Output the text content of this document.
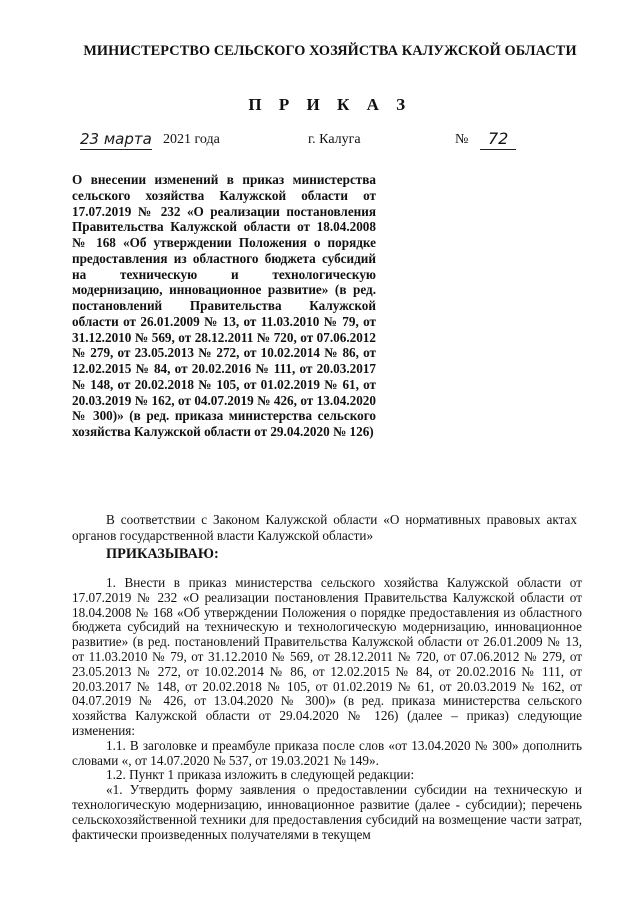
МИНИСТЕРСТВО СЕЛЬСКОГО ХОЗЯЙСТВА КАЛУЖСКОЙ ОБЛАСТИ
П Р И К А З
23 марта 2021 года	г. Калуга	№	72
О внесении изменений в приказ министерства сельского хозяйства Калужской области от 17.07.2019 № 232 «О реализации постановления Правительства Калужской области от 18.04.2008 № 168 «Об утверждении Положения о порядке предоставления из областного бюджета субсидий на техническую и технологическую модернизацию, инновационное развитие» (в ред. постановлений Правительства Калужской области от 26.01.2009 № 13, от 11.03.2010 № 79, от 31.12.2010 № 569, от 28.12.2011 № 720, от 07.06.2012 № 279, от 23.05.2013 № 272, от 10.02.2014 № 86, от 12.02.2015 № 84, от 20.02.2016 № 111, от 20.03.2017 № 148, от 20.02.2018 № 105, от 01.02.2019 № 61, от 20.03.2019 № 162, от 04.07.2019 № 426, от 13.04.2020 № 300)» (в ред. приказа министерства сельского хозяйства Калужской области от 29.04.2020 № 126)
В соответствии с Законом Калужской области «О нормативных правовых актах органов государственной власти Калужской области»
ПРИКАЗЫВАЮ:

1. Внести в приказ министерства сельского хозяйства Калужской области от 17.07.2019 № 232 «О реализации постановления Правительства Калужской области от 18.04.2008 № 168 «Об утверждении Положения о порядке предоставления из областного бюджета субсидий на техническую и технологическую модернизацию, инновационное развитие» (в ред. постановлений Правительства Калужской области от 26.01.2009 № 13, от 11.03.2010 № 79, от 31.12.2010 № 569, от 28.12.2011 № 720, от 07.06.2012 № 279, от 23.05.2013 № 272, от 10.02.2014 № 86, от 12.02.2015 № 84, от 20.02.2016 № 111, от 20.03.2017 № 148, от 20.02.2018 № 105, от 01.02.2019 № 61, от 20.03.2019 № 162, от 04.07.2019 № 426, от 13.04.2020 № 300)» (в ред. приказа министерства сельского хозяйства Калужской области от 29.04.2020 № 126) (далее – приказ) следующие изменения:

1.1. В заголовке и преамбуле приказа после слов «от 13.04.2020 № 300» дополнить словами «, от 14.07.2020 № 537, от 19.03.2021 № 149».

1.2. Пункт 1 приказа изложить в следующей редакции:

«1. Утвердить форму заявления о предоставлении субсидии на техническую и технологическую модернизацию, инновационное развитие (далее - субсидии); перечень сельскохозяйственной техники для предоставления субсидий на возмещение части затрат, фактически произведенных получателями в текущем
